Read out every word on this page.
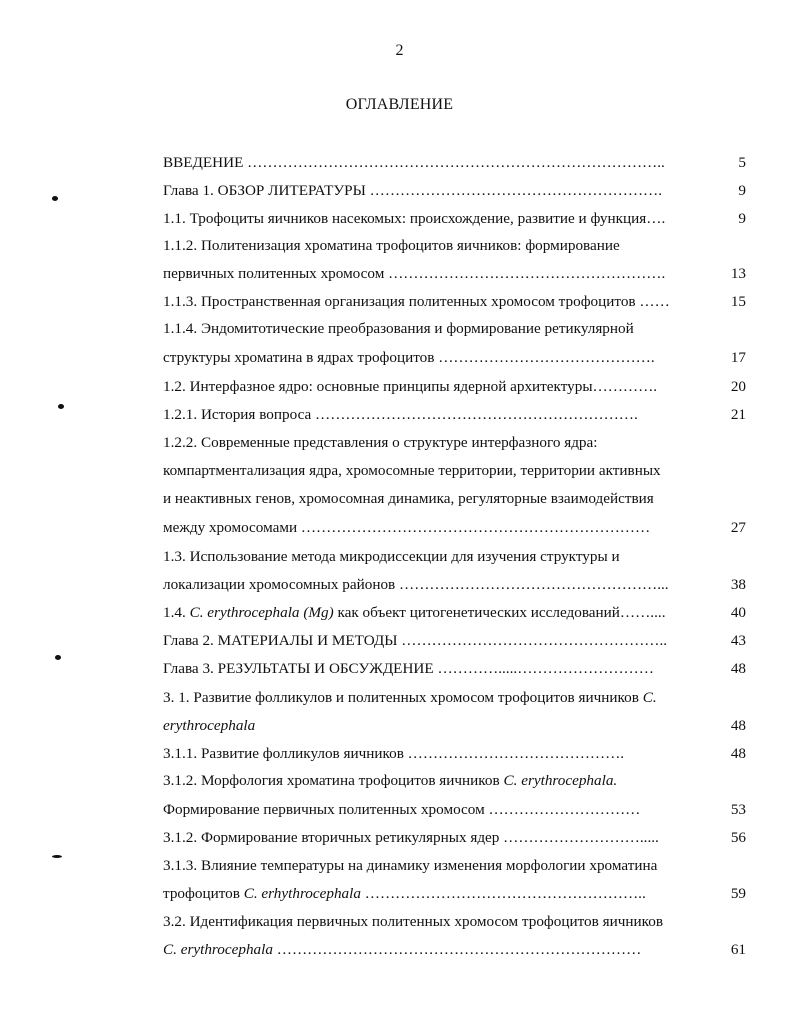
2
ОГЛАВЛЕНИЕ
ВВЕДЕНИЕ ………………………………………………………………………..	5
Глава 1. ОБЗОР ЛИТЕРАТУРЫ ………………………………………………….	9
1.1. Трофоциты яичников насекомых: происхождение, развитие и функция….	9
1.1.2. Политенизация хроматина трофоцитов яичников: формирование
первичных политенных хромосом ……………………………………………….	13
1.1.3. Пространственная организация политенных хромосом трофоцитов ……	15
1.1.4. Эндомитотические преобразования и формирование ретикулярной
структуры хроматина в ядрах трофоцитов …………………………………….	17
1.2. Интерфазное ядро: основные принципы ядерной архитектуры………….	20
1.2.1. История вопроса ……………………………………………………….	21
1.2.2. Современные представления о структуре интерфазного ядра:
компартментализация ядра, хромосомные территории, территории активных
и неактивных генов, хромосомная динамика, регуляторные взаимодействия
между хромосомами ……………………………………………………………	27
1.3. Использование метода микродиссекции для изучения структуры и
локализации хромосомных районов ……………………………………………...	38
1.4. C. erythrocephala (Mg) как объект цитогенетических исследований……....	40
Глава 2. МАТЕРИАЛЫ И МЕТОДЫ ……………………………………………..	43
Глава 3. РЕЗУЛЬТАТЫ И ОБСУЖДЕНИЕ ………….....………………………	48
3. 1. Развитие фолликулов и политенных хромосом трофоцитов яичников C.
erythrocephala	48
3.1.1. Развитие фолликулов яичников …………………………………….	48
3.1.2. Морфология хроматина трофоцитов яичников C. erythrocephala.
Формирование первичных политенных хромосом …………………………	53
3.1.2. Формирование вторичных ретикулярных ядер ……………………….....	56
3.1.3. Влияние температуры на динамику изменения морфологии хроматина
трофоцитов C. erhythrocephala ………………………………………………..	59
3.2. Идентификация первичных политенных хромосом трофоцитов яичников
C. erythrocephala ………………………………………………………………	61
